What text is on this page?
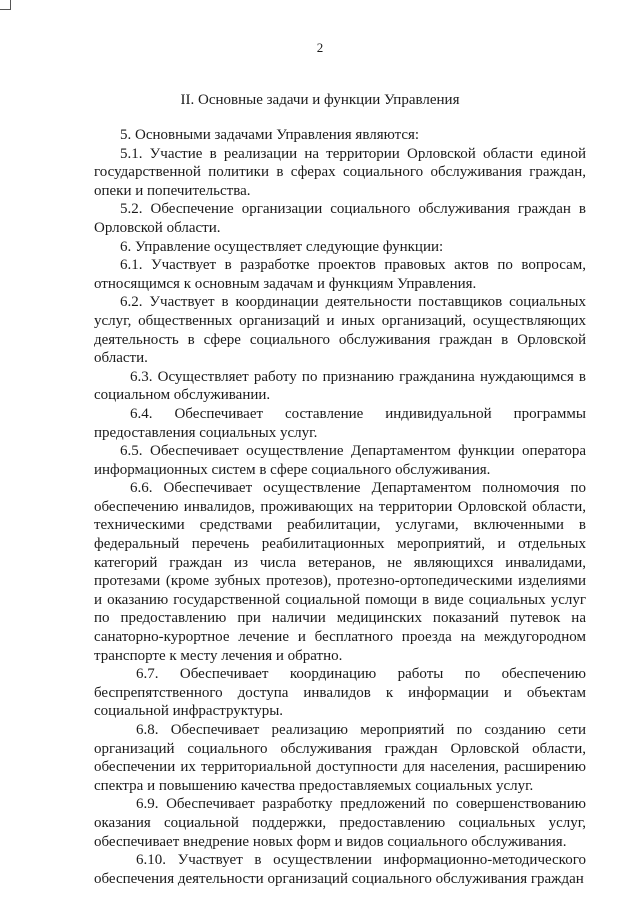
2
II. Основные задачи и функции Управления

5. Основными задачами Управления являются:

5.1. Участие в реализации на территории Орловской области единой государственной политики в сферах социального обслуживания граждан, опеки и попечительства.

5.2. Обеспечение организации социального обслуживания граждан в Орловской области.

6. Управление осуществляет следующие функции:

6.1. Участвует в разработке проектов правовых актов по вопросам, относящимся к основным задачам и функциям Управления.

6.2. Участвует в координации деятельности поставщиков социальных услуг, общественных организаций и иных организаций, осуществляющих деятельность в сфере социального обслуживания граждан в Орловской области.

6.3. Осуществляет работу по признанию гражданина нуждающимся в социальном обслуживании.

6.4. Обеспечивает составление индивидуальной программы предоставления социальных услуг.

6.5. Обеспечивает осуществление Департаментом функции оператора информационных систем в сфере социального обслуживания.

6.6. Обеспечивает осуществление Департаментом полномочия по обеспечению инвалидов, проживающих на территории Орловской области, техническими средствами реабилитации, услугами, включенными в федеральный перечень реабилитационных мероприятий, и отдельных категорий граждан из числа ветеранов, не являющихся инвалидами, протезами (кроме зубных протезов), протезно-ортопедическими изделиями и оказанию государственной социальной помощи в виде социальных услуг по предоставлению при наличии медицинских показаний путевок на санаторно-курортное лечение и бесплатного проезда на междугородном транспорте к месту лечения и обратно.

6.7. Обеспечивает координацию работы по обеспечению беспрепятственного доступа инвалидов к информации и объектам социальной инфраструктуры.

6.8. Обеспечивает реализацию мероприятий по созданию сети организаций социального обслуживания граждан Орловской области, обеспечении их территориальной доступности для населения, расширению спектра и повышению качества предоставляемых социальных услуг.

6.9. Обеспечивает разработку предложений по совершенствованию оказания социальной поддержки, предоставлению социальных услуг, обеспечивает внедрение новых форм и видов социального обслуживания.

6.10. Участвует в осуществлении информационно-методического обеспечения деятельности организаций социального обслуживания граждан
